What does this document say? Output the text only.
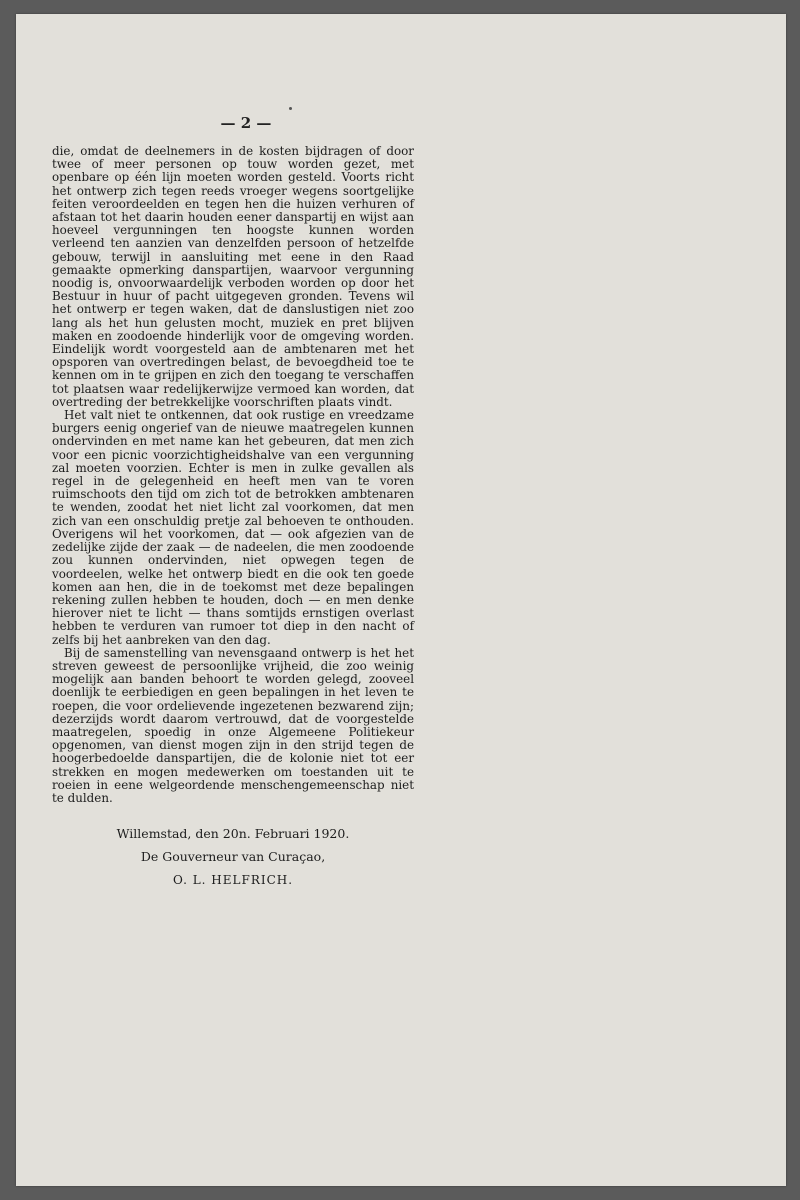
— 2 —

die, omdat de deelnemers in de kosten bijdragen of door twee of meer personen op touw worden gezet, met openbare op één lijn moeten worden gesteld. Voorts richt het ontwerp zich tegen reeds vroeger wegens soortgelijke feiten veroordeelden en tegen hen die huizen verhuren of afstaan tot het daarin houden eener danspartij en wijst aan hoeveel vergunningen ten hoogste kunnen worden verleend ten aanzien van denzelfden persoon of hetzelfde gebouw, terwijl in aansluiting met eene in den Raad gemaakte opmerking danspartijen, waarvoor vergunning noodig is, onvoorwaardelijk verboden worden op door het Bestuur in huur of pacht uitgegeven gronden. Tevens wil het ontwerp er tegen waken, dat de danslustigen niet zoo lang als het hun gelusten mocht, muziek en pret blijven maken en zoodoende hinderlijk voor de omgeving worden. Eindelijk wordt voorgesteld aan de ambtenaren met het opsporen van overtredingen belast, de bevoegdheid toe te kennen om in te grijpen en zich den toegang te verschaffen tot plaatsen waar redelijkerwijze vermoed kan worden, dat overtreding der betrekkelijke voorschriften plaats vindt.

Het valt niet te ontkennen, dat ook rustige en vreedzame burgers eenig ongerief van de nieuwe maatregelen kunnen ondervinden en met name kan het gebeuren, dat men zich voor een picnic voorzichtigheidshalve van een vergunning zal moeten voorzien. Echter is men in zulke gevallen als regel in de gelegenheid en heeft men van te voren ruimschoots den tijd om zich tot de betrokken ambtenaren te wenden, zoodat het niet licht zal voorkomen, dat men zich van een onschuldig pretje zal behoeven te onthouden. Overigens wil het voorkomen, dat — ook afgezien van de zedelijke zijde der zaak — de nadeelen, die men zoodoende zou kunnen ondervinden, niet opwegen tegen de voordeelen, welke het ontwerp biedt en die ook ten goede komen aan hen, die in de toekomst met deze bepalingen rekening zullen hebben te houden, doch — en men denke hierover niet te licht — thans somtijds ernstigen overlast hebben te verduren van rumoer tot diep in den nacht of zelfs bij het aanbreken van den dag.

Bij de samenstelling van nevensgaand ontwerp is het het streven geweest de persoonlijke vrijheid, die zoo weinig mogelijk aan banden behoort te worden gelegd, zooveel doenlijk te eerbiedigen en geen bepalingen in het leven te roepen, die voor ordelievende ingezetenen bezwarend zijn; dezerzijds wordt daarom vertrouwd, dat de voorgestelde maatregelen, spoedig in onze Algemeene Politiekeur opgenomen, van dienst mogen zijn in den strijd tegen de hoogerbedoelde danspartijen, die de kolonie niet tot eer strekken en mogen medewerken om toestanden uit te roeien in eene welgeordende menschengemeenschap niet te dulden.

Willemstad, den 20n. Februari 1920.

De Gouverneur van Curaçao,

O. L. HELFRICH.
